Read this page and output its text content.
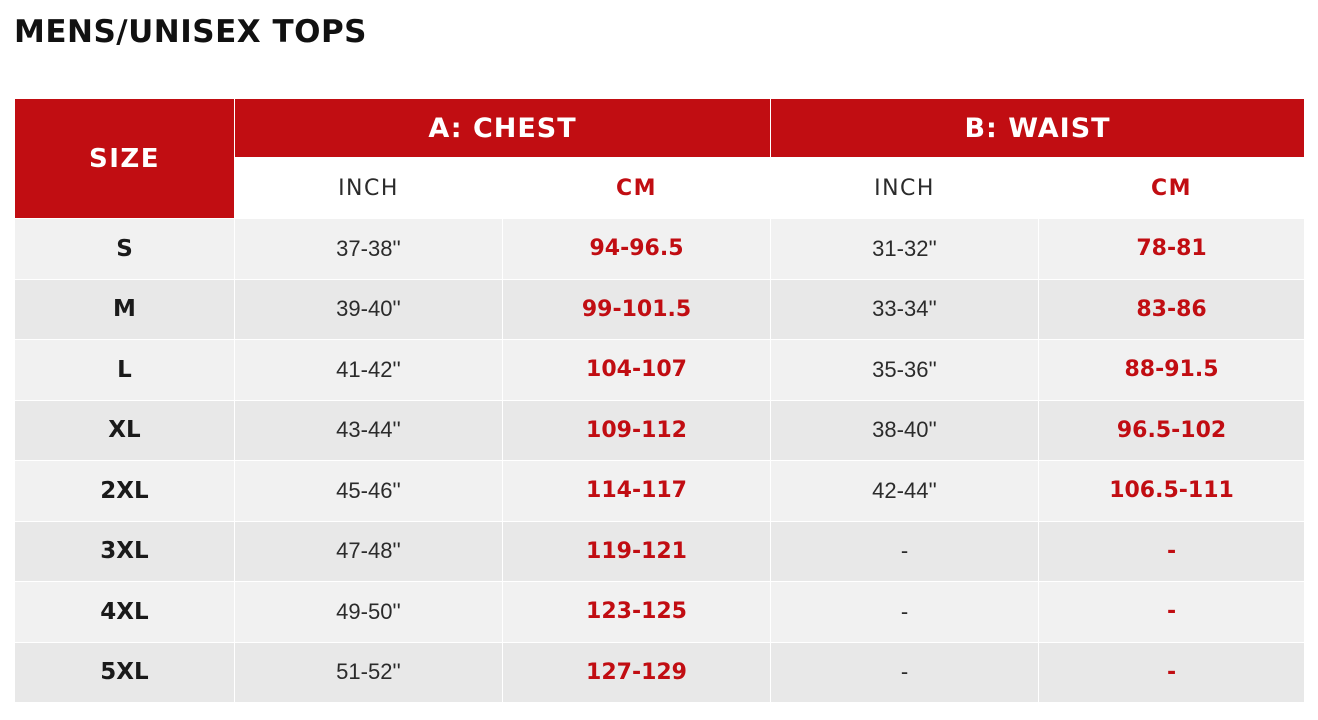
MENS/UNISEX TOPS
SIZE	A: CHEST		B: WAIST	
	INCH	CM	INCH	CM
S	37-38''	94-96.5	31-32''	78-81
M	39-40''	99-101.5	33-34''	83-86
L	41-42''	104-107	35-36''	88-91.5
XL	43-44''	109-112	38-40''	96.5-102
2XL	45-46''	114-117	42-44''	106.5-111
3XL	47-48''	119-121	-	-
4XL	49-50''	123-125	-	-
5XL	51-52''	127-129	-	-
